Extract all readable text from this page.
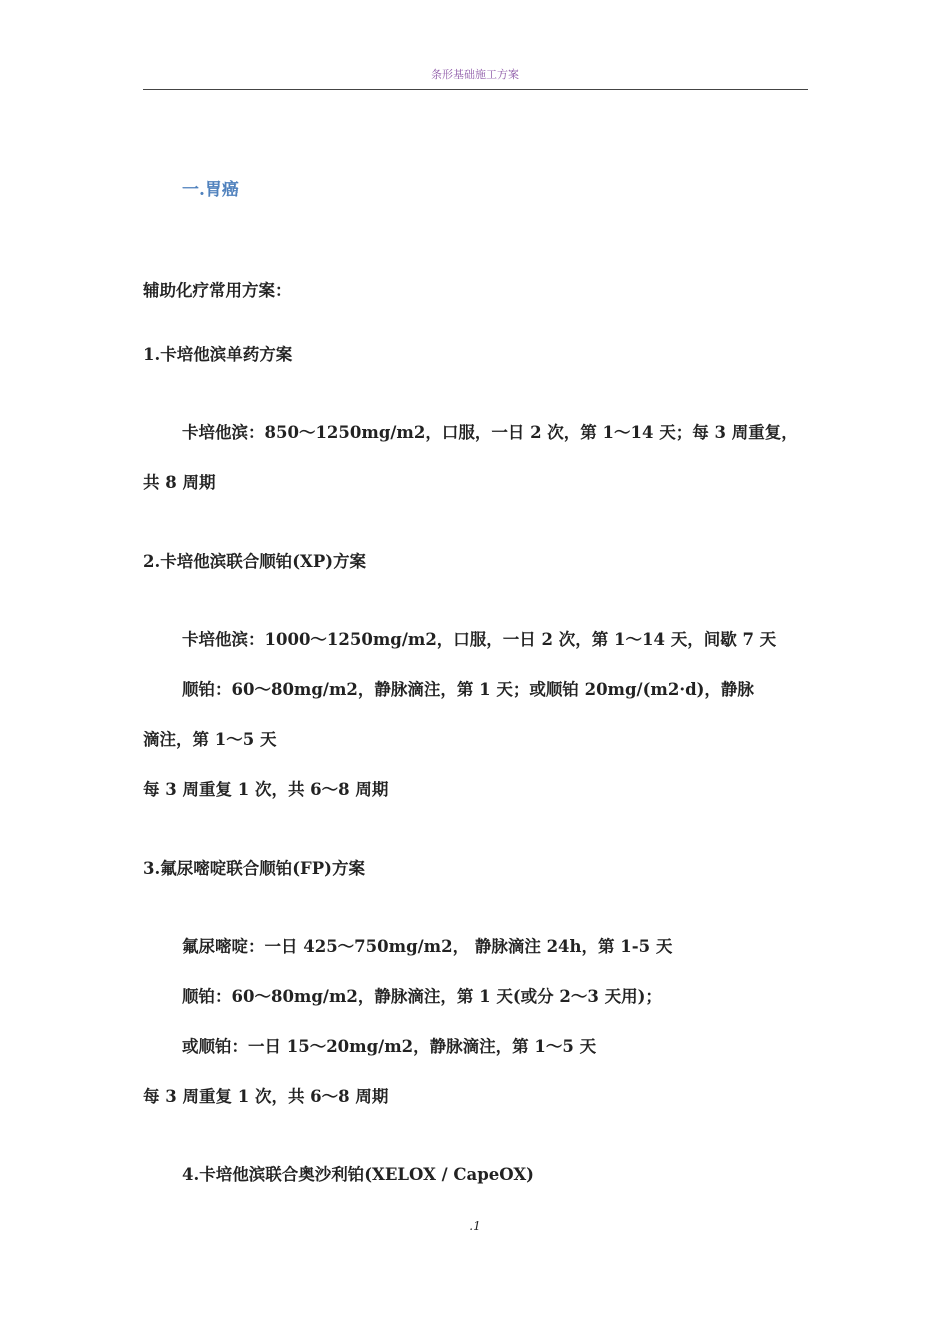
条形基础施工方案
一.胃癌
辅助化疗常用方案：
1.卡培他滨单药方案
卡培他滨：850～1250mg/m2，口服，一日 2 次，第 1～14 天；每 3 周重复，
共 8 周期
2.卡培他滨联合顺铂(XP)方案
卡培他滨：1000～1250mg/m2，口服，一日 2 次，第 1～14 天，间歇 7 天
顺铂：60～80mg/m2，静脉滴注，第 1 天；或顺铂 20mg/(m2·d)，静脉
滴注，第 1～5 天
每 3 周重复 1 次，共 6～8 周期
3.氟尿嘧啶联合顺铂(FP)方案
氟尿嘧啶：一日 425～750mg/m2， 静脉滴注 24h，第 1-5 天
顺铂：60～80mg/m2，静脉滴注，第 1 天(或分 2～3 天用)；
或顺铂：一日 15～20mg/m2，静脉滴注，第 1～5 天
每 3 周重复 1 次，共 6～8 周期
4.卡培他滨联合奥沙利铂(XELOX / CapeOX)
.1
